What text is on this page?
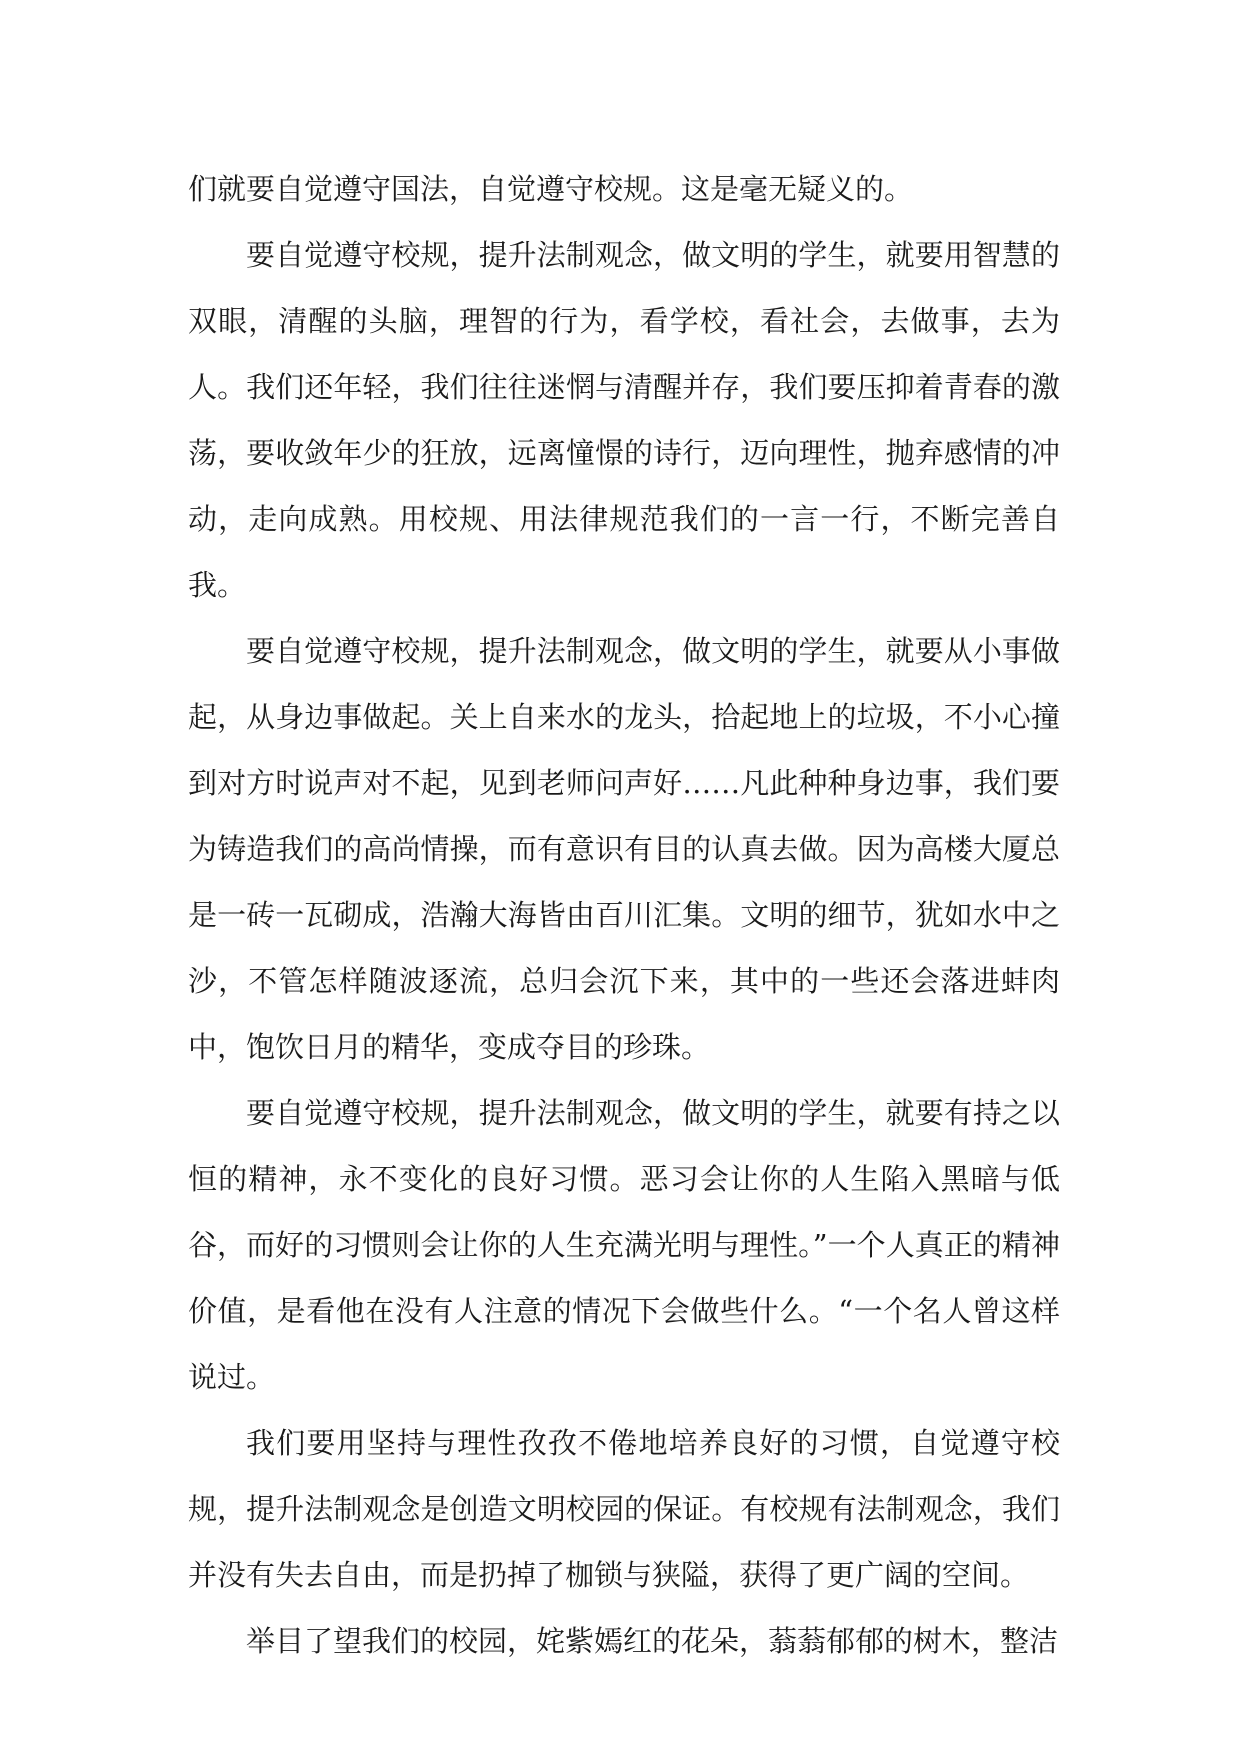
们就要自觉遵守国法，自觉遵守校规。这是毫无疑义的。

要自觉遵守校规，提升法制观念，做文明的学生，就要用智慧的双眼，清醒的头脑，理智的行为，看学校，看社会，去做事，去为人。我们还年轻，我们往往迷惘与清醒并存，我们要压抑着青春的激荡，要收敛年少的狂放，远离憧憬的诗行，迈向理性，抛弃感情的冲动，走向成熟。用校规、用法律规范我们的一言一行，不断完善自我。

要自觉遵守校规，提升法制观念，做文明的学生，就要从小事做起，从身边事做起。关上自来水的龙头，拾起地上的垃圾，不小心撞到对方时说声对不起，见到老师问声好……凡此种种身边事，我们要为铸造我们的高尚情操，而有意识有目的认真去做。因为高楼大厦总是一砖一瓦砌成，浩瀚大海皆由百川汇集。文明的细节，犹如水中之沙，不管怎样随波逐流，总归会沉下来，其中的一些还会落进蚌肉中，饱饮日月的精华，变成夺目的珍珠。

要自觉遵守校规，提升法制观念，做文明的学生，就要有持之以恒的精神，永不变化的良好习惯。恶习会让你的人生陷入黑暗与低谷，而好的习惯则会让你的人生充满光明与理性。”一个人真正的精神价值，是看他在没有人注意的情况下会做些什么。“一个名人曾这样说过。

我们要用坚持与理性孜孜不倦地培养良好的习惯，自觉遵守校规，提升法制观念是创造文明校园的保证。有校规有法制观念，我们并没有失去自由，而是扔掉了枷锁与狭隘，获得了更广阔的空间。

举目了望我们的校园，姹紫嫣红的花朵，蓊蓊郁郁的树木，整洁
